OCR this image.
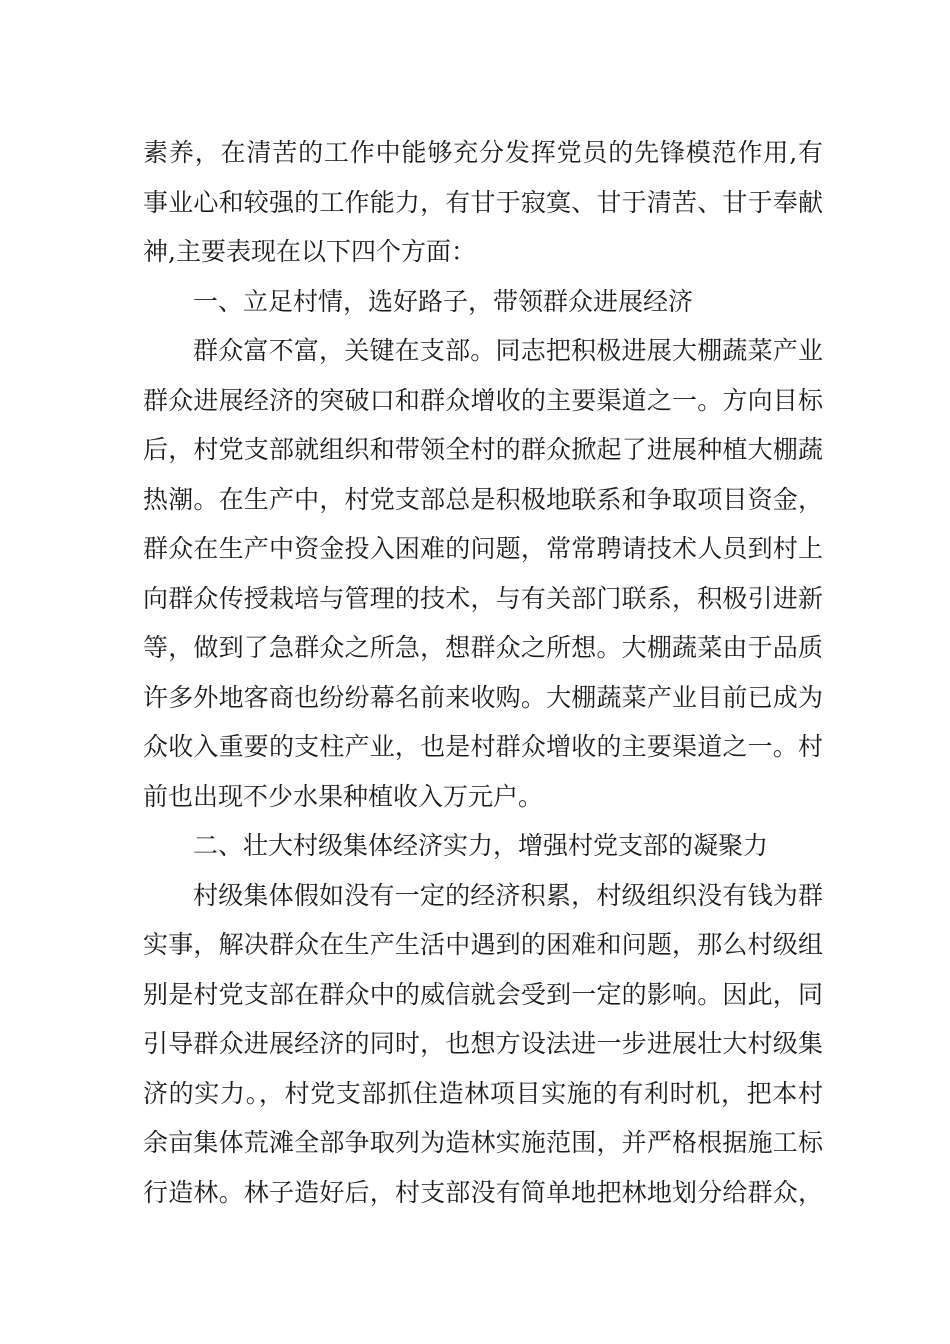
素养，在清苦的工作中能够充分发挥党员的先锋模范作用,有
事业心和较强的工作能力，有甘于寂寞、甘于清苦、甘于奉献
神,主要表现在以下四个方面：
一、立足村情，选好路子，带领群众进展经济
群众富不富，关键在支部。同志把积极进展大棚蔬菜产业
群众进展经济的突破口和群众增收的主要渠道之一。方向目标
后，村党支部就组织和带领全村的群众掀起了进展种植大棚蔬
热潮。在生产中，村党支部总是积极地联系和争取项目资金，
群众在生产中资金投入困难的问题，常常聘请技术人员到村上
向群众传授栽培与管理的技术，与有关部门联系，积极引进新
等，做到了急群众之所急，想群众之所想。大棚蔬菜由于品质
许多外地客商也纷纷幕名前来收购。大棚蔬菜产业目前已成为
众收入重要的支柱产业，也是村群众增收的主要渠道之一。村
前也出现不少水果种植收入万元户。
二、壮大村级集体经济实力，增强村党支部的凝聚力
村级集体假如没有一定的经济积累，村级组织没有钱为群
实事，解决群众在生产生活中遇到的困难和问题，那么村级组
别是村党支部在群众中的威信就会受到一定的影响。因此，同
引导群众进展经济的同时，也想方设法进一步进展壮大村级集
济的实力。，村党支部抓住造林项目实施的有利时机，把本村
余亩集体荒滩全部争取列为造林实施范围，并严格根据施工标
行造林。林子造好后，村支部没有简单地把林地划分给群众，
